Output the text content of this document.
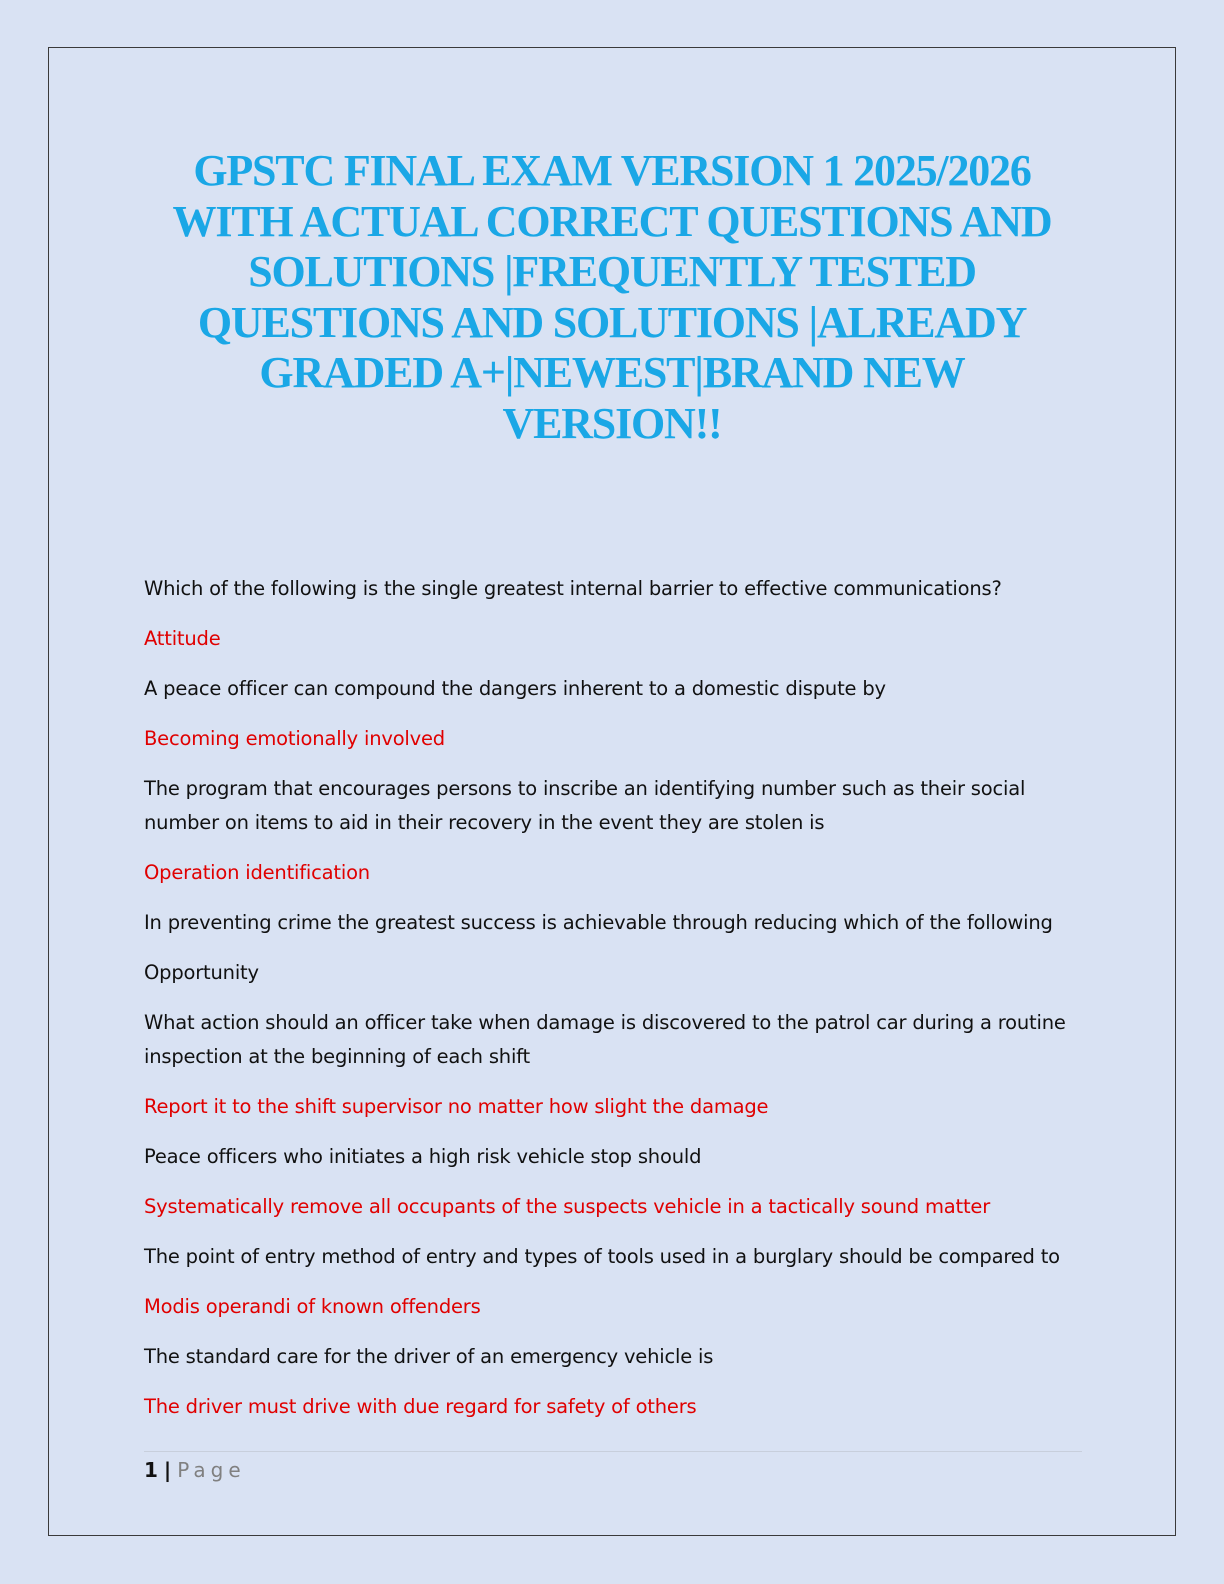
GPSTC FINAL EXAM VERSION 1 2025/2026 WITH ACTUAL CORRECT QUESTIONS AND SOLUTIONS |FREQUENTLY TESTED QUESTIONS AND SOLUTIONS |ALREADY GRADED A+|NEWEST|BRAND NEW VERSION!!

Which of the following is the single greatest internal barrier to effective communications?

Attitude

A peace officer can compound the dangers inherent to a domestic dispute by

Becoming emotionally involved

The program that encourages persons to inscribe an identifying number such as their social number on items to aid in their recovery in the event they are stolen is

Operation identification

In preventing crime the greatest success is achievable through reducing which of the following

Opportunity

What action should an officer take when damage is discovered to the patrol car during a routine inspection at the beginning of each shift

Report it to the shift supervisor no matter how slight the damage

Peace officers who initiates a high risk vehicle stop should

Systematically remove all occupants of the suspects vehicle in a tactically sound matter

The point of entry method of entry and types of tools used in a burglary should be compared to

Modis operandi of known offenders

The standard care for the driver of an emergency vehicle is

The driver must drive with due regard for safety of others

1 | Page
